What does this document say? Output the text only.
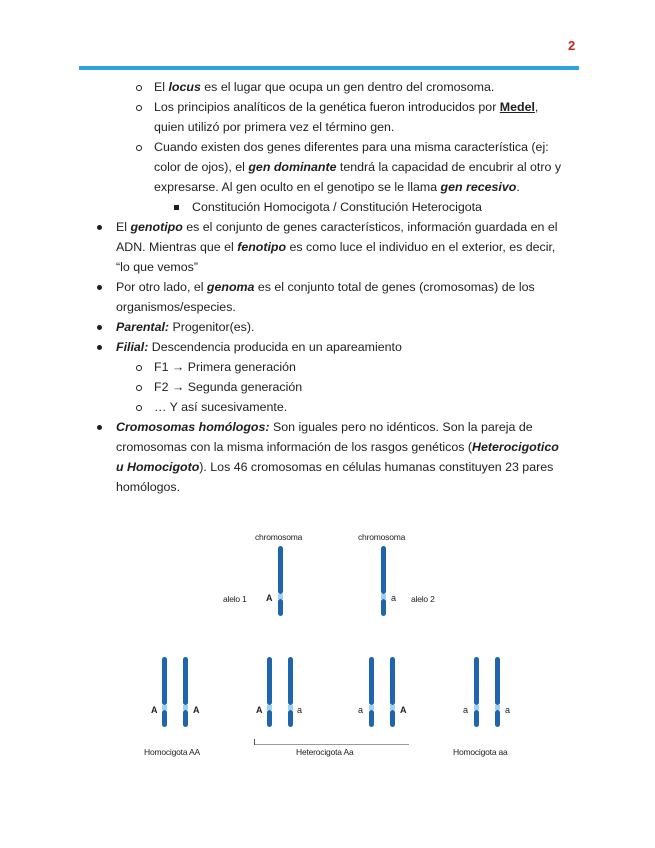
2
El locus es el lugar que ocupa un gen dentro del cromosoma.
Los principios analíticos de la genética fueron introducidos por Medel,
quien utilizó por primera vez el término gen.
Cuando existen dos genes diferentes para una misma característica (ej:
color de ojos), el gen dominante tendrá la capacidad de encubrir al otro y
expresarse. Al gen oculto en el genotipo se le llama gen recesivo.
Constitución Homocigota / Constitución Heterocigota
El genotipo es el conjunto de genes característicos, información guardada en el
ADN. Mientras que el fenotipo es como luce el individuo en el exterior, es decir,
“lo que vemos”
Por otro lado, el genoma es el conjunto total de genes (cromosomas) de los
organismos/especies.
Parental: Progenitor(es).
Filial: Descendencia producida en un apareamiento
F1 → Primera generación
F2 → Segunda generación
… Y así sucesivamente.
Cromosomas homólogos: Son iguales pero no idénticos. Son la pareja de
cromosomas con la misma información de los rasgos genéticos (Heterocigotico
u Homocigoto). Los 46 cromosomas en células humanas constituyen 23 pares
homólogos.
chromosoma	chromosoma
alelo 1 A	a alelo 2
A	A	A	a	a	A	a	a
Homocigota AA	Heterocigota Aa	Homocigota aa
